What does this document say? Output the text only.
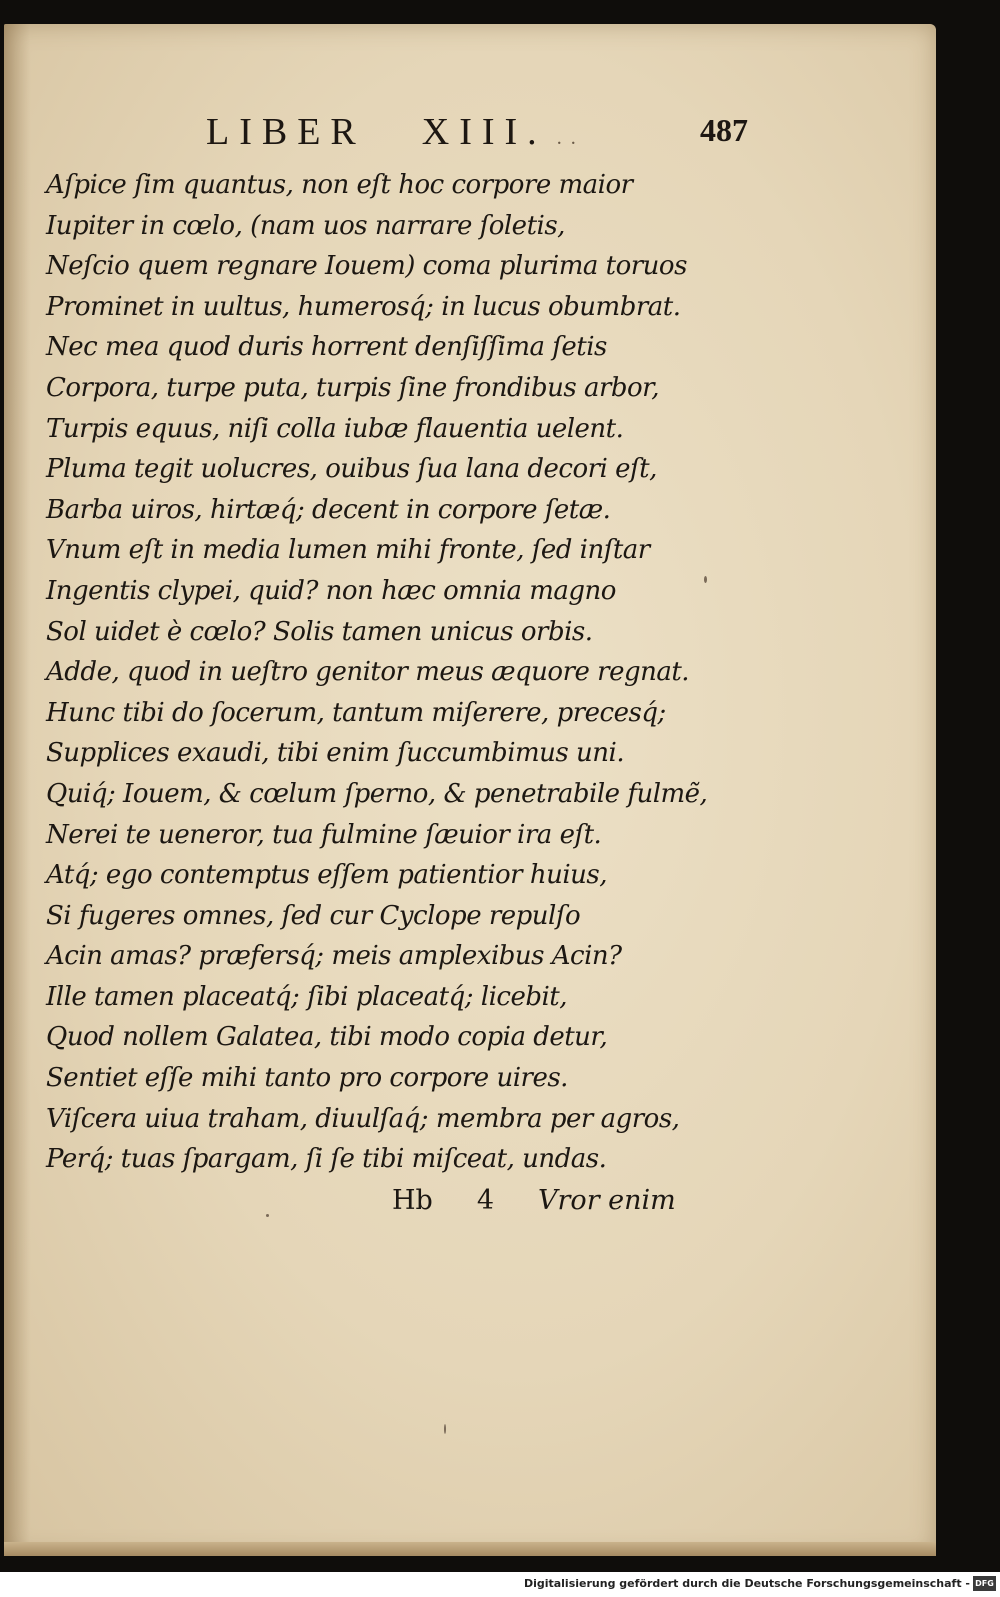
LIBER XIII. . .	487
Aſpice ſim quantus, non eſt hoc corpore maior
Iupiter in cœlo, (nam uos narrare ſoletis,
Neſcio quem regnare Iouem) coma plurima toruos
Prominet in uultus, humerosq́; in lucus obumbrat.
Nec mea quod duris horrent denſiſſima ſetis
Corpora, turpe puta, turpis ſine frondibus arbor,
Turpis equus, niſi colla iubæ flauentia uelent.
Pluma tegit uolucres, ouibus ſua lana decori eſt,
Barba uiros, hirtæq́; decent in corpore ſetæ.
Vnum eſt in media lumen mihi fronte, ſed inſtar
Ingentis clypei, quid? non hæc omnia magno
Sol uidet è cœlo? Solis tamen unicus orbis.
Adde, quod in ueſtro genitor meus æquore regnat.
Hunc tibi do ſocerum, tantum miſerere, precesq́;
Supplices exaudi, tibi enim ſuccumbimus uni.
Quiq́; Iouem, & cœlum ſperno, & penetrabile fulmẽ,
Nerei te ueneror, tua fulmine ſæuior ira eſt.
Atq́; ego contemptus eſſem patientior huius,
Si fugeres omnes, ſed cur Cyclope repulſo
Acin amas? præfersq́; meis amplexibus Acin?
Ille tamen placeatq́; ſibi placeatq́; licebit,
Quod nollem Galatea, tibi modo copia detur,
Sentiet eſſe mihi tanto pro corpore uires.
Viſcera uiua traham, diuulſaq́; membra per agros,
Perq́; tuas ſpargam, ſi ſe tibi miſceat, undas.
Hb 4 Vror enim
Digitalisierung gefördert durch die Deutsche Forschungsgemeinschaft - DFG
